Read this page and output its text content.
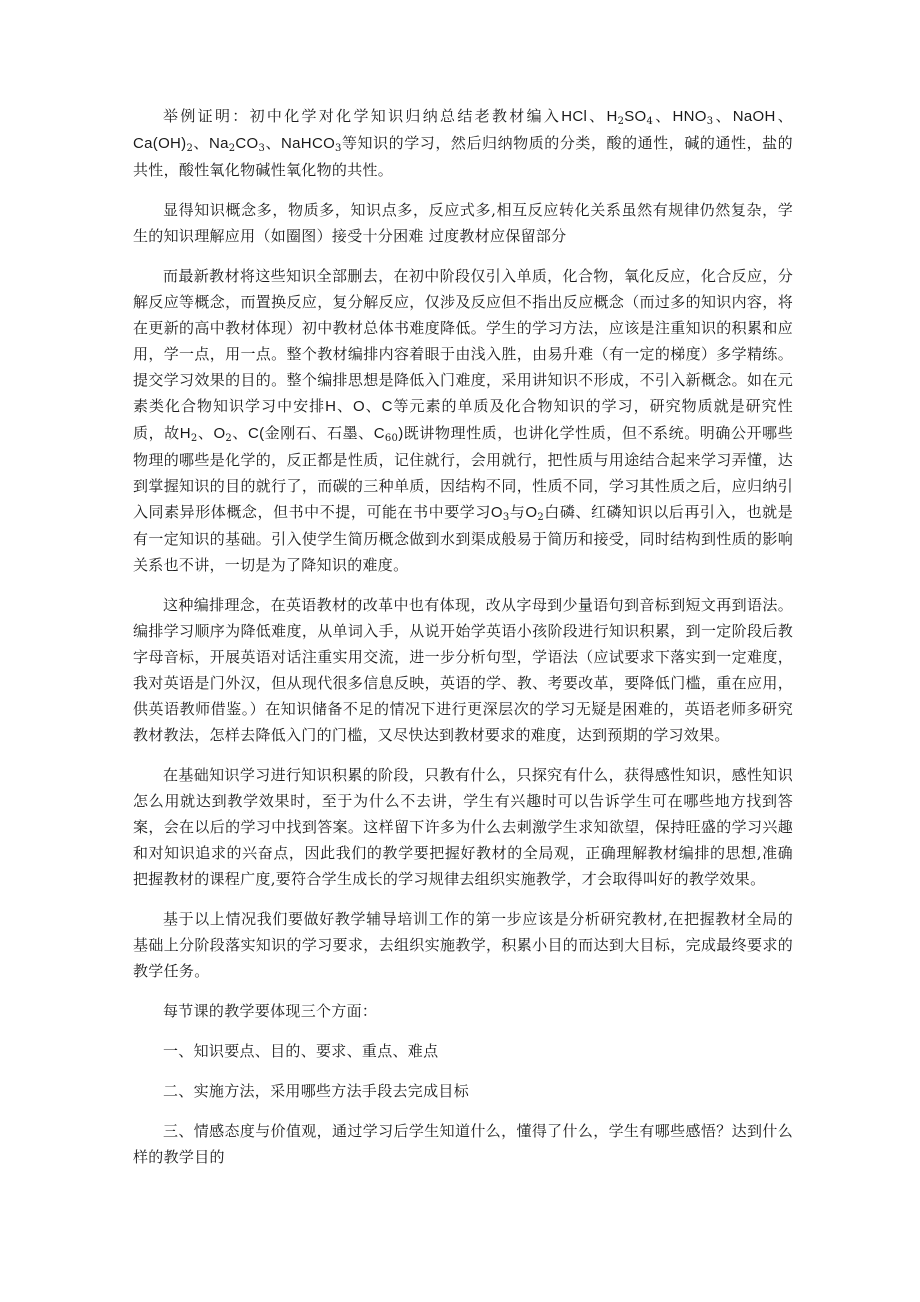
举例证明：初中化学对化学知识归纳总结老教材编入HCl、$H_2SO_4$、$HNO_3$、NaOH、$Ca(OH)_2$、$Na_2CO_3$、NaHCO$_3$等知识的学习，然后归纳物质的分类，酸的通性，碱的通性，盐的共性，酸性氧化物碱性氧化物的共性。

显得知识概念多，物质多，知识点多，反应式多,相互反应转化关系虽然有规律仍然复杂，学生的知识理解应用（如圈图）接受十分困难 过度教材应保留部分

而最新教材将这些知识全部删去，在初中阶段仅引入单质，化合物，氧化反应，化合反应，分解反应等概念，而置换反应，复分解反应，仅涉及反应但不指出反应概念（而过多的知识内容，将在更新的高中教材体现）初中教材总体书难度降低。学生的学习方法，应该是注重知识的积累和应用，学一点，用一点。整个教材编排内容着眼于由浅入胜，由易升难（有一定的梯度）多学精练。提交学习效果的目的。整个编排思想是降低入门难度，采用讲知识不形成，不引入新概念。如在元素类化合物知识学习中安排H、O、C等元素的单质及化合物知识的学习，研究物质就是研究性质，故$H_2$、$O_2$、C(金刚石、石墨、$C_{60}$)既讲物理性质，也讲化学性质，但不系统。明确公开哪些物理的哪些是化学的，反正都是性质，记住就行，会用就行，把性质与用途结合起来学习弄懂，达到掌握知识的目的就行了，而碳的三种单质，因结构不同，性质不同，学习其性质之后，应归纳引入同素异形体概念，但书中不提，可能在书中要学习$O_3$与$O_2$白磷、红磷知识以后再引入，也就是有一定知识的基础。引入使学生简历概念做到水到渠成般易于简历和接受，同时结构到性质的影响关系也不讲，一切是为了降知识的难度。

这种编排理念，在英语教材的改革中也有体现，改从字母到少量语句到音标到短文再到语法。编排学习顺序为降低难度，从单词入手，从说开始学英语小孩阶段进行知识积累，到一定阶段后教字母音标，开展英语对话注重实用交流，进一步分析句型，学语法（应试要求下落实到一定难度，我对英语是门外汉，但从现代很多信息反映，英语的学、教、考要改革，要降低门槛，重在应用，供英语教师借鉴。）在知识储备不足的情况下进行更深层次的学习无疑是困难的，英语老师多研究教材教法，怎样去降低入门的门槛，又尽快达到教材要求的难度，达到预期的学习效果。

在基础知识学习进行知识积累的阶段，只教有什么，只探究有什么，获得感性知识，感性知识怎么用就达到教学效果时，至于为什么不去讲，学生有兴趣时可以告诉学生可在哪些地方找到答案，会在以后的学习中找到答案。这样留下许多为什么去刺激学生求知欲望，保持旺盛的学习兴趣和对知识追求的兴奋点，因此我们的教学要把握好教材的全局观，正确理解教材编排的思想,准确把握教材的课程广度,要符合学生成长的学习规律去组织实施教学，才会取得叫好的教学效果。

基于以上情况我们要做好教学辅导培训工作的第一步应该是分析研究教材,在把握教材全局的基础上分阶段落实知识的学习要求，去组织实施教学，积累小目的而达到大目标，完成最终要求的教学任务。

每节课的教学要体现三个方面：

一、知识要点、目的、要求、重点、难点

二、实施方法，采用哪些方法手段去完成目标

三、情感态度与价值观，通过学习后学生知道什么，懂得了什么，学生有哪些感悟？达到什么样的教学目的
